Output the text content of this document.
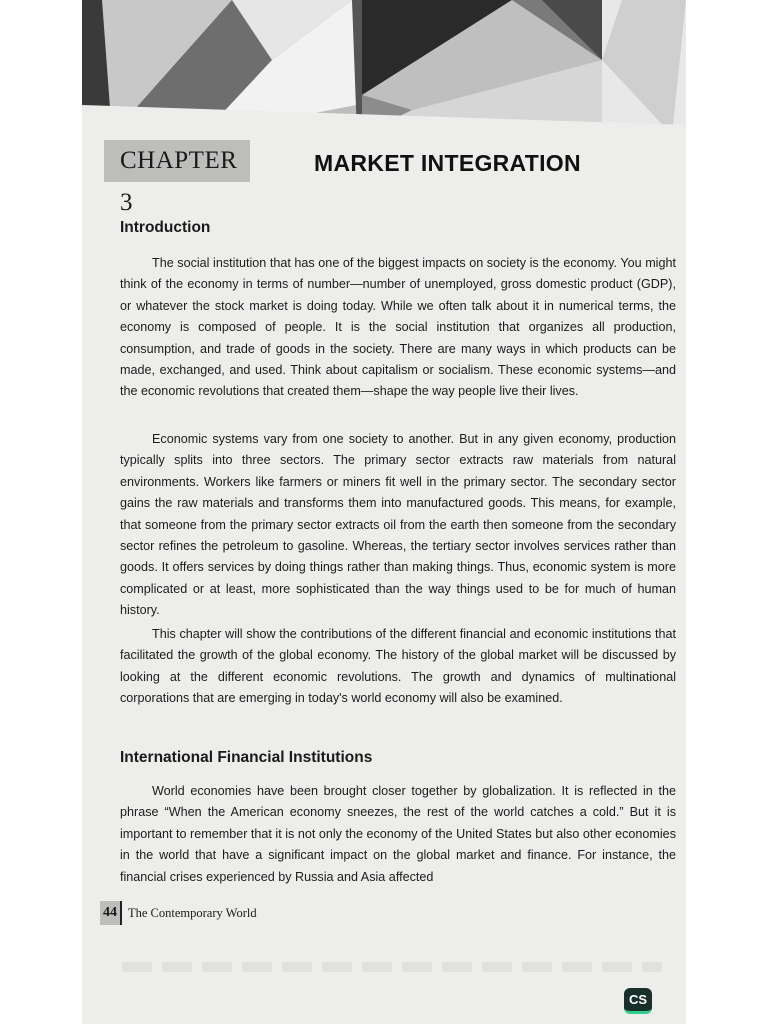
CHAPTER 3
MARKET INTEGRATION
Introduction

The social institution that has one of the biggest impacts on society is the economy. You might think of the economy in terms of number—number of unemployed, gross domestic product (GDP), or whatever the stock market is doing today. While we often talk about it in numerical terms, the economy is composed of people. It is the social institution that organizes all production, consumption, and trade of goods in the society. There are many ways in which products can be made, exchanged, and used. Think about capitalism or socialism. These economic systems—and the economic revolutions that created them—shape the way people live their lives.

Economic systems vary from one society to another. But in any given economy, production typically splits into three sectors. The primary sector extracts raw materials from natural environments. Workers like farmers or miners fit well in the primary sector. The secondary sector gains the raw materials and transforms them into manufactured goods. This means, for example, that someone from the primary sector extracts oil from the earth then someone from the secondary sector refines the petroleum to gasoline. Whereas, the tertiary sector involves services rather than goods. It offers services by doing things rather than making things. Thus, economic system is more complicated or at least, more sophisticated than the way things used to be for much of human history.

This chapter will show the contributions of the different financial and economic institutions that facilitated the growth of the global economy. The history of the global market will be discussed by looking at the different economic revolutions. The growth and dynamics of multinational corporations that are emerging in today's world economy will also be examined.

International Financial Institutions

World economies have been brought closer together by globalization. It is reflected in the phrase “When the American economy sneezes, the rest of the world catches a cold.” But it is important to remember that it is not only the economy of the United States but also other economies in the world that have a significant impact on the global market and finance. For instance, the financial crises experienced by Russia and Asia affected

44 The Contemporary World
CS
